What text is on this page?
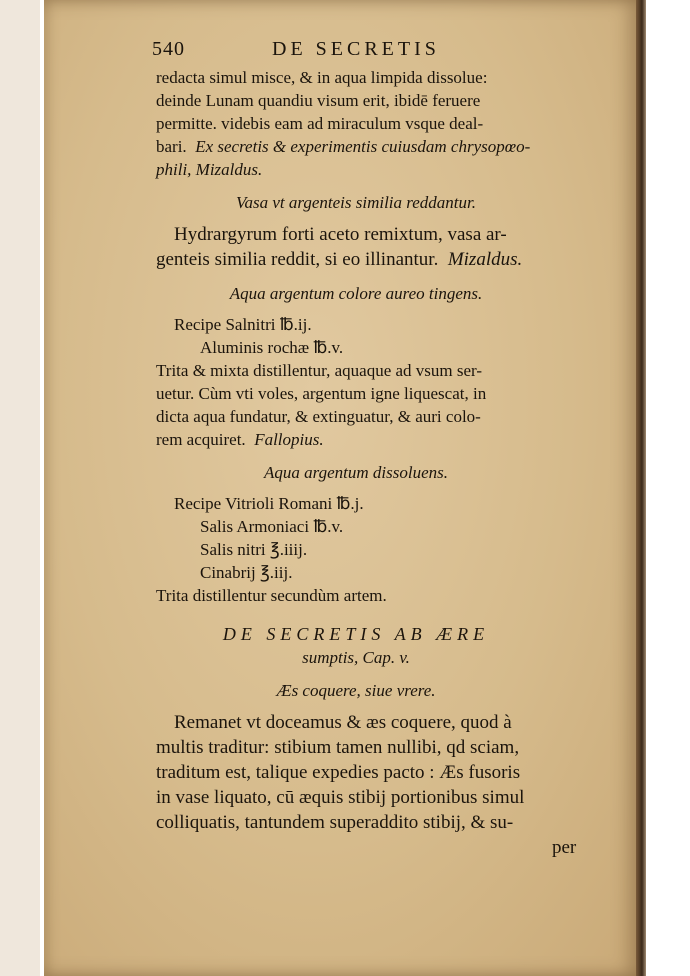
540	DE SECRETIS
redacta simul misce, & in aqua limpida dissolue:
deinde Lunam quandiu visum erit, ibidē feruere
permitte. videbis eam ad miraculum vsque deal-
bari. Ex secretis & experimentis cuiusdam chrysopœo-
phili, Mizaldus.
Vasa vt argenteis similia reddantur.
Hydrargyrum forti aceto remixtum, vasa ar-
genteis similia reddit, si eo illinantur. Mizaldus.
Aqua argentum colore aureo tingens.
Recipe Salnitri ℔.ij.
Aluminis rochæ ℔.v.
Trita & mixta distillentur, aquaque ad vsum ser-
uetur. Cùm vti voles, argentum igne liquescat, in
dicta aqua fundatur, & extinguatur, & auri colo-
rem acquiret. Fallopius.
Aqua argentum dissoluens.
Recipe Vitrioli Romani ℔.j.
Salis Armoniaci ℔.v.
Salis nitri ℥.iiij.
Cinabrij ℥.iij.
Trita distillentur secundùm artem.
DE SECRETIS AB ÆRE
sumptis, Cap. v.
Æs coquere, siue vrere.
Remanet vt doceamus & æs coquere, quod à
multis traditur: stibium tamen nullibi, qd sciam,
traditum est, talique expedies pacto : Æs fusoris
in vase liquato, cū æquis stibij portionibus simul
colliquatis, tantundem superaddito stibij, & su-
per
